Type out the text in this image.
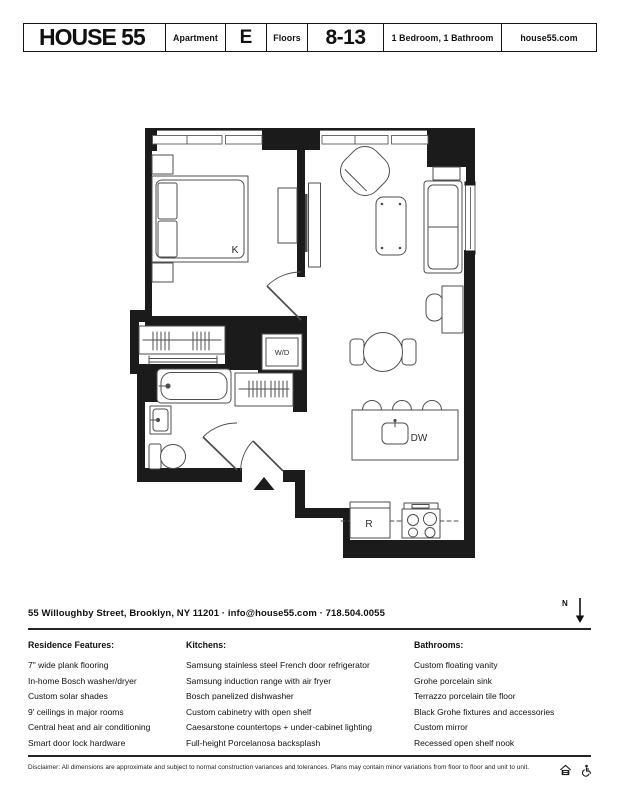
HOUSE 55	Apartment	E	Floors	8-13	1 Bedroom, 1 Bathroom	house55.com
K
W/D
DW
R
N
55 Willoughby Street, Brooklyn, NY 11201 · info@house55.com · 718.504.0055
Residence Features:
7" wide plank flooring
In-home Bosch washer/dryer
Custom solar shades
9' ceilings in major rooms
Central heat and air conditioning
Smart door lock hardware
Kitchens:
Samsung stainless steel French door refrigerator
Samsung induction range with air fryer
Bosch panelized dishwasher
Custom cabinetry with open shelf
Caesarstone countertops + under-cabinet lighting
Full-height Porcelanosa backsplash
Bathrooms:
Custom floating vanity
Grohe porcelain sink
Terrazzo porcelain tile floor
Black Grohe fixtures and accessories
Custom mirror
Recessed open shelf nook
Disclaimer: All dimensions are approximate and subject to normal construction variances and tolerances. Plans may contain minor variations from floor to floor and unit to unit.
